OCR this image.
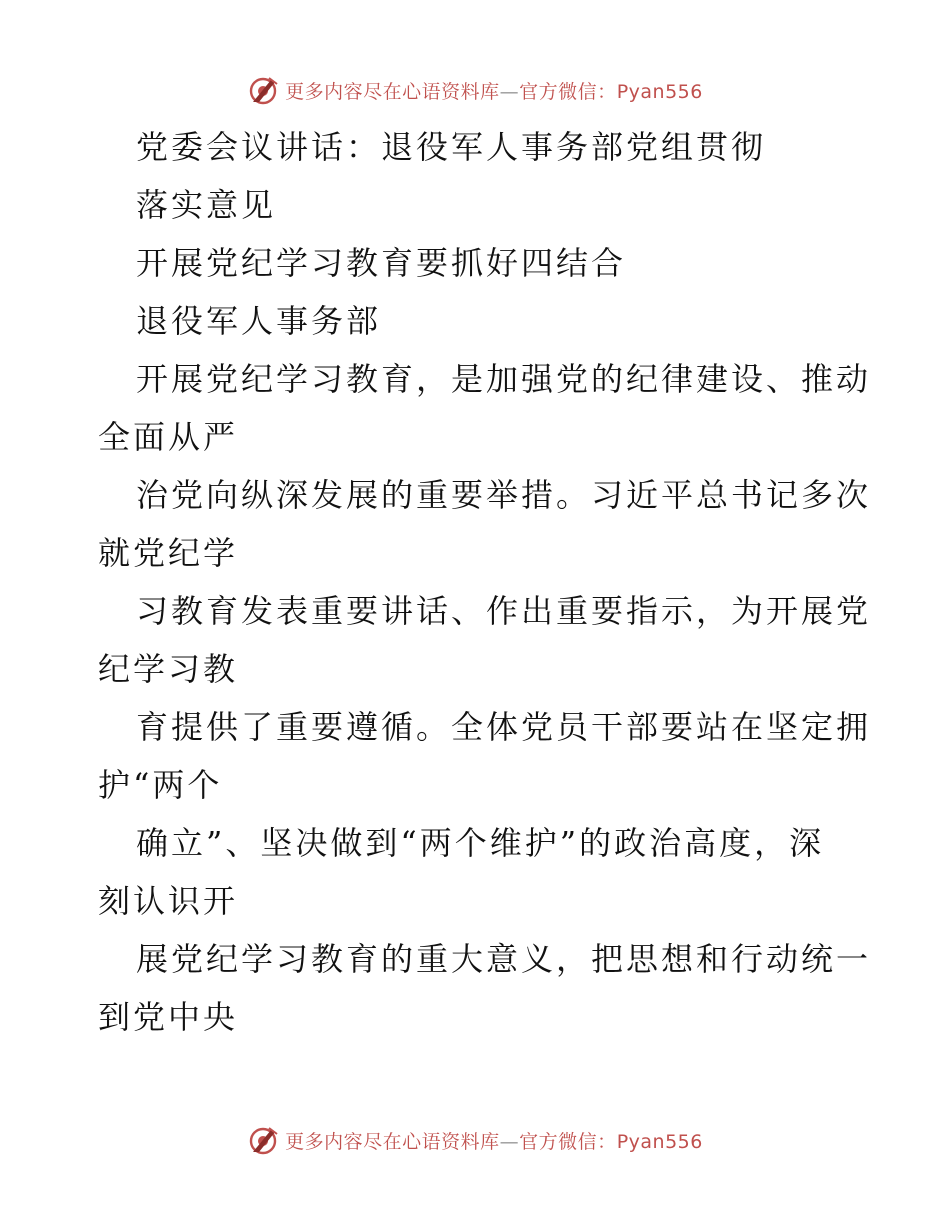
更多内容尽在心语资料库—官方微信：Pyan556
党委会议讲话：退役军人事务部党组贯彻
落实意见
开展党纪学习教育要抓好四结合
退役军人事务部
开展党纪学习教育，是加强党的纪律建设、推动
全面从严
治党向纵深发展的重要举措。习近平总书记多次
就党纪学
习教育发表重要讲话、作出重要指示，为开展党
纪学习教
育提供了重要遵循。全体党员干部要站在坚定拥
护“两个
确立”、坚决做到“两个维护”的政治高度，深
刻认识开
展党纪学习教育的重大意义，把思想和行动统一
到党中央
更多内容尽在心语资料库—官方微信：Pyan556
